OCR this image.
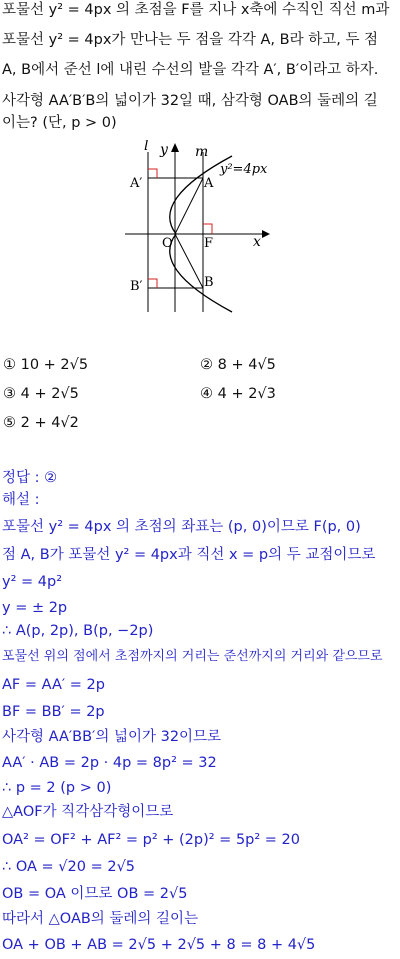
포물선 y² = 4px 의 초점을 F를 지나 x축에 수직인 직선 m과
포물선 y² = 4px가 만나는 두 점을 각각 A, B라 하고, 두 점
A, B에서 준선 l에 내린 수선의 발을 각각 A′, B′이라고 하자.
사각형 AA′B′B의 넓이가 32일 때, 삼각형 OAB의 둘레의 길
이는? (단, p > 0)
l y m
y²=4px
A′	A
O F	x
B′	B
① 10 + 2√5	② 8 + 4√5
③ 4 + 2√5	④ 4 + 2√3
⑤ 2 + 4√2
정답 : ②
해설 :
포물선 y² = 4px 의 초점의 좌표는 (p, 0)이므로 F(p, 0)
점 A, B가 포물선 y² = 4px과 직선 x = p의 두 교점이므로
y² = 4p²
y = ± 2p
∴ A(p, 2p), B(p, −2p)
포물선 위의 점에서 초점까지의 거리는 준선까지의 거리와 같으므로
AF = AA′ = 2p
BF = BB′ = 2p
사각형 AA′BB′의 넓이가 32이므로
AA′ · AB = 2p · 4p = 8p² = 32
∴ p = 2 (p > 0)
△AOF가 직각삼각형이므로
OA² = OF² + AF² = p² + (2p)² = 5p² = 20
∴ OA = √20 = 2√5
OB = OA 이므로 OB = 2√5
따라서 △OAB의 둘레의 길이는
OA + OB + AB = 2√5 + 2√5 + 8 = 8 + 4√5
